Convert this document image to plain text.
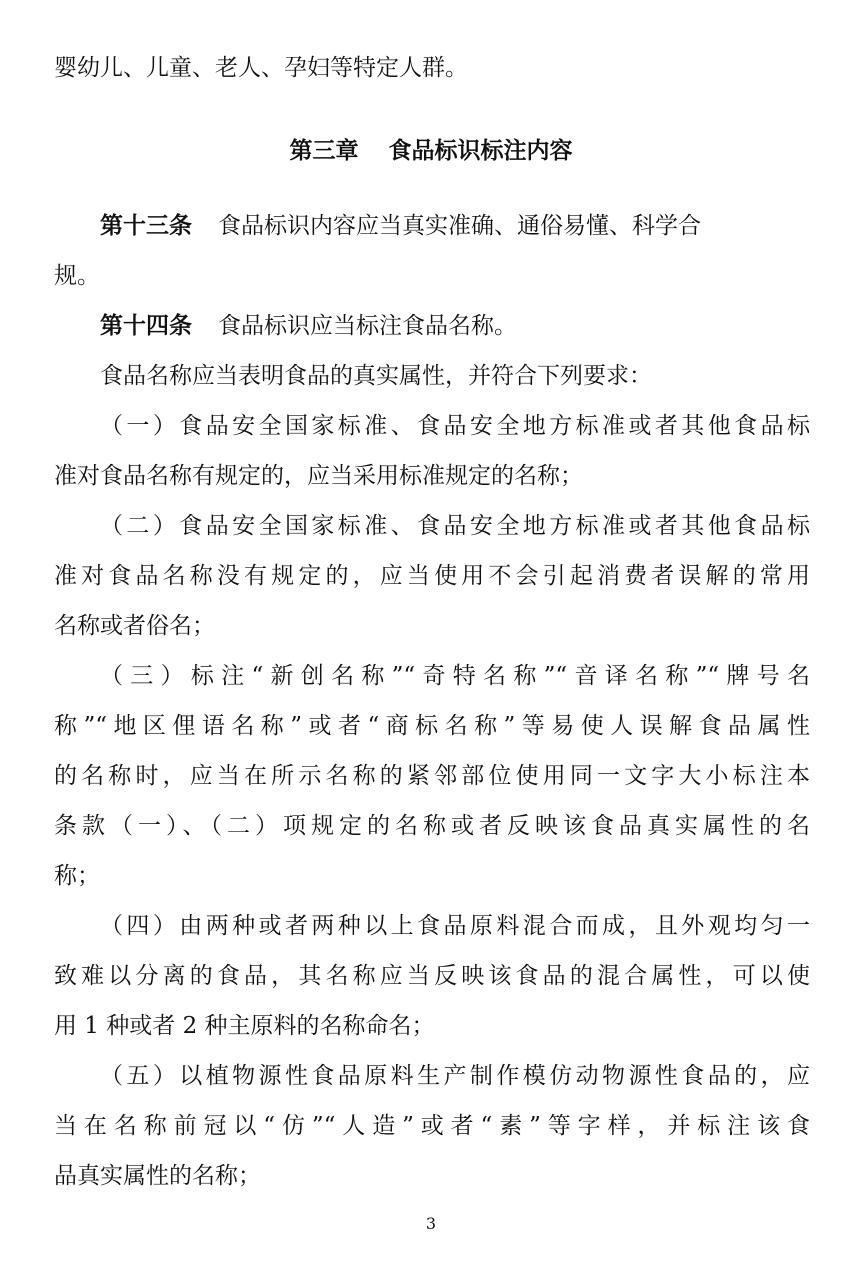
婴幼儿、儿童、老人、孕妇等特定人群。
第三章 食品标识标注内容
第十三条 食品标识内容应当真实准确、通俗易懂、科学合
规。
第十四条 食品标识应当标注食品名称。
食品名称应当表明食品的真实属性，并符合下列要求：
（一）食品安全国家标准、食品安全地方标准或者其他食品标
准对食品名称有规定的，应当采用标准规定的名称；
（二）食品安全国家标准、食品安全地方标准或者其他食品标
准对食品名称没有规定的，应当使用不会引起消费者误解的常用
名称或者俗名；
（三）标注“新创名称”“奇特名称”“音译名称”“牌号名
称”“地区俚语名称”或者“商标名称”等易使人误解食品属性
的名称时，应当在所示名称的紧邻部位使用同一文字大小标注本
条款（一）、（二）项规定的名称或者反映该食品真实属性的名
称；
（四）由两种或者两种以上食品原料混合而成，且外观均匀一
致难以分离的食品，其名称应当反映该食品的混合属性，可以使
用 1 种或者 2 种主原料的名称命名；
（五）以植物源性食品原料生产制作模仿动物源性食品的，应
当在名称前冠以“仿”“人造”或者“素”等字样，并标注该食
品真实属性的名称；
3
